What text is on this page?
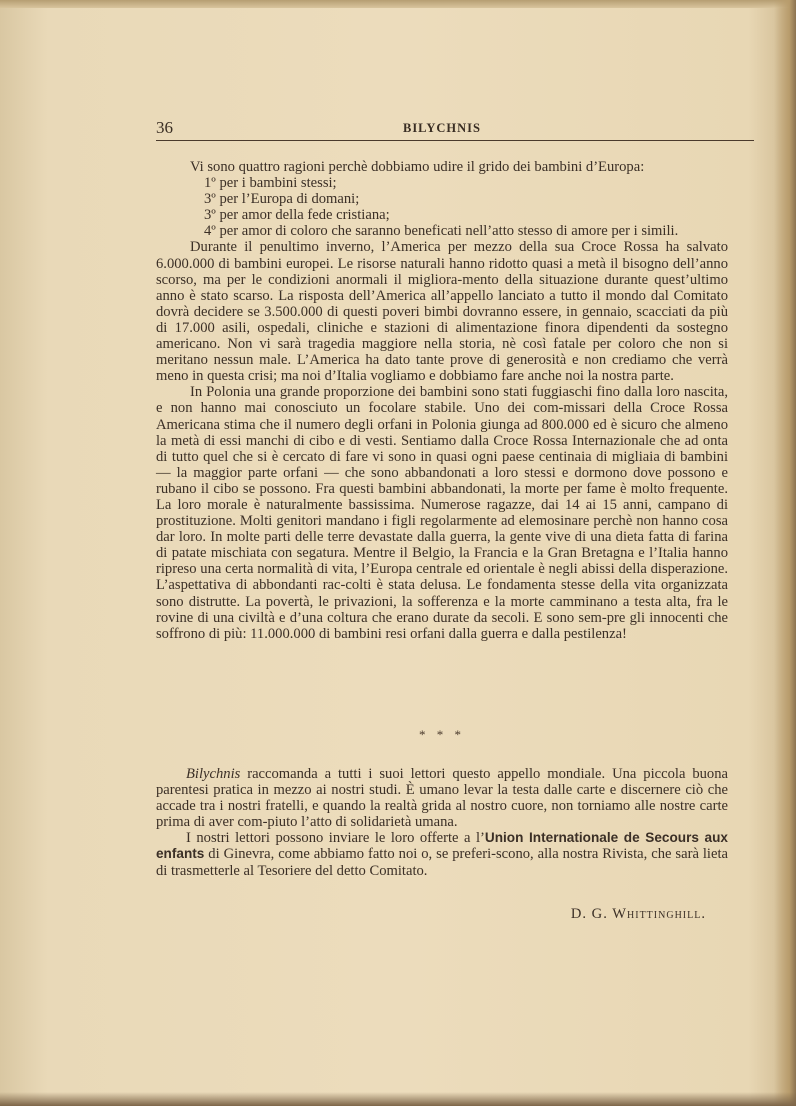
36	BILYCHNIS

Vi sono quattro ragioni perchè dobbiamo udire il grido dei bambini d’Europa:

1º per i bambini stessi;

3º per l’Europa di domani;

3º per amor della fede cristiana;

4º per amor di coloro che saranno beneficati nell’atto stesso di amore per i simili.

Durante il penultimo inverno, l’America per mezzo della sua Croce Rossa ha salvato 6.000.000 di bambini europei. Le risorse naturali hanno ridotto quasi a metà il bisogno dell’anno scorso, ma per le condizioni anormali il migliora-mento della situazione durante quest’ultimo anno è stato scarso. La risposta dell’America all’appello lanciato a tutto il mondo dal Comitato dovrà decidere se 3.500.000 di questi poveri bimbi dovranno essere, in gennaio, scacciati da più di 17.000 asili, ospedali, cliniche e stazioni di alimentazione finora dipendenti da sostegno americano. Non vi sarà tragedia maggiore nella storia, nè così fatale per coloro che non si meritano nessun male. L’America ha dato tante prove di generosità e non crediamo che verrà meno in questa crisi; ma noi d’Italia vogliamo e dobbiamo fare anche noi la nostra parte.

In Polonia una grande proporzione dei bambini sono stati fuggiaschi fino dalla loro nascita, e non hanno mai conosciuto un focolare stabile. Uno dei com-missari della Croce Rossa Americana stima che il numero degli orfani in Polonia giunga ad 800.000 ed è sicuro che almeno la metà di essi manchi di cibo e di vesti. Sentiamo dalla Croce Rossa Internazionale che ad onta di tutto quel che si è cercato di fare vi sono in quasi ogni paese centinaia di migliaia di bambini — la maggior parte orfani — che sono abbandonati a loro stessi e dormono dove possono e rubano il cibo se possono. Fra questi bambini abbandonati, la morte per fame è molto frequente. La loro morale è naturalmente bassissima. Numerose ragazze, dai 14 ai 15 anni, campano di prostituzione. Molti genitori mandano i figli regolarmente ad elemosinare perchè non hanno cosa dar loro. In molte parti delle terre devastate dalla guerra, la gente vive di una dieta fatta di farina di patate mischiata con segatura. Mentre il Belgio, la Francia e la Gran Bretagna e l’Italia hanno ripreso una certa normalità di vita, l’Europa centrale ed orientale è negli abissi della disperazione. L’aspettativa di abbondanti rac-colti è stata delusa. Le fondamenta stesse della vita organizzata sono distrutte. La povertà, le privazioni, la sofferenza e la morte camminano a testa alta, fra le rovine di una civiltà e d’una coltura che erano durate da secoli. E sono sem-pre gli innocenti che soffrono di più: 11.000.000 di bambini resi orfani dalla guerra e dalla pestilenza!

* * *

Bilychnis raccomanda a tutti i suoi lettori questo appello mondiale. Una piccola buona parentesi pratica in mezzo ai nostri studi. È umano levar la testa dalle carte e discernere ciò che accade tra i nostri fratelli, e quando la realtà grida al nostro cuore, non torniamo alle nostre carte prima di aver com-piuto l’atto di solidarietà umana.

I nostri lettori possono inviare le loro offerte a l’Union Internationale de Secours aux enfants di Ginevra, come abbiamo fatto noi o, se preferi-scono, alla nostra Rivista, che sarà lieta di trasmetterle al Tesoriere del detto Comitato.

D. G. Whittinghill.
